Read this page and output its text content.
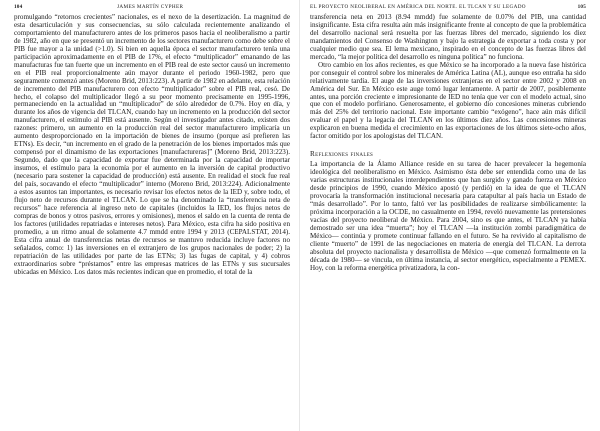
104	JAMES MARTÍN CYPHER

promulgando “retornos crecientes” nacionales, es el nexo de la desertización. La magnitud de esta desarticulación y sus consecuencias, su sólo calculada recientemente analizando el comportamiento del manufacturero antes de los primeros pasos hacia el neoliberalismo a partir de 1982, año en que se presentó un incremento de los sectores manufacturero como debe sobre el PIB fue mayor a la unidad (>1.0). Si bien en aquella época el sector manufacturero tenía una participación aproximadamente en el PIB de 17%, el efecto “multiplicador” emanando de las manufacturas fue tan fuerte que un incremento en el PIB real de este sector causó un incremento en el PIB real proporcionalmente aún mayor durante el periodo 1960-1982, pero que seguramente comenzó antes (Moreno Brid, 2013:223). A partir de 1982 en adelante, esta relación de incremento del PIB manufacturero con efecto “multiplicador” sobre el PIB real, cesó. De hecho, el colapso del multiplicador llegó a su peor momento precisamente en 1995-1996, permaneciendo en la actualidad un “multiplicador” de sólo alrededor de 0.7%. Hoy en día, y durante los años de vigencia del TLCAN, cuando hay un incremento en la producción del sector manufacturero, el estímulo al PIB está ausente. Según el investigador antes citado, existen dos razones: primero, un aumento en la producción real del sector manufacturero implicaría un aumento desproporcionado en la importación de bienes de insumo (porque así prefieren las ETNs). Es decir, “un incremento en el grado de la penetración de los bienes importados más que compensó por el dinamismo de las exportaciones [manufactureras]” (Moreno Brid, 2013:223). Segundo, dado que la capacidad de exportar fue determinada por la capacidad de importar insumos, el estímulo para la economía por el aumento en la inversión de capital productivo (necesario para sostener la capacidad de producción) está ausente. En realidad el stock fue real del país, socavando el efecto “multiplicador” interno (Moreno Brid, 2013:224). Adicionalmente a estos asuntos tan importantes, es necesario revisar los efectos netos de la IED y, sobre todo, el flujo neto de recursos durante el TLCAN. Lo que se ha denominado la “transferencia neta de recursos” hace referencia al ingreso neto de capitales (incluidos la IED, los flujos netos de compras de bonos y otros pasivos, errores y omisiones), menos el saldo en la cuenta de renta de los factores (utilidades repatriadas e intereses netos). Para México, esta cifra ha sido positiva en promedio, a un ritmo anual de solamente 4.7 mmdd entre 1994 y 2013 (CEPALSTAT, 2014). Esta cifra anual de transferencias netas de recursos se mantuvo reducida incluye factores no señalados, como: 1) las inversiones en el extranjero de los grupos nacionales de poder; 2) la repatriación de las utilidades por parte de las ETNs; 3) las fugas de capital, y 4) cobros extraordinarios sobre “préstamos” entre las empresas matrices de las ETNs y sus sucursales ubicadas en México. Los datos más recientes indican que en promedio, el total de la

EL PROYECTO NEOLIBERAL EN AMÉRICA DEL NORTE. EL TLCAN Y SU LEGADO	105

transferencia neta en 2013 (8.94 mmdd) fue solamente de 0.07% del PIB, una cantidad insignificante. Esta cifra resulta aún más insignificante frente al concepto de que la problemática del desarrollo nacional será resuelta por las fuerzas libres del mercado, siguiendo los diez mandamientos del Consenso de Washington y bajo la estrategia de exportar a toda costa y por cualquier medio que sea. El lema mexicano, inspirado en el concepto de las fuerzas libres del mercado, “la mejor política del desarrollo es ninguna política” no funciona.

Otro cambio en los años recientes, es que México se ha incorporado a la nueva fase histórica por conseguir el control sobre los minerales de América Latina (AL), aunque eso entraña ha sido relativamente tardía. El auge de las inversiones extranjeras en el sector entre 2002 y 2008 en América del Sur. En México este auge tomó lugar lentamente. A partir de 2007, posiblemente antes, una porción creciente e impresionante de IED no tenía que ver con el modelo actual, sino que con el modelo porfiriano. Generosamente, el gobierno dio concesiones mineras cubriendo más del 25% del territorio nacional. Este importante cambio “exógeno”, hace aún más difícil evaluar el papel y la legacía del TLCAN en los últimos diez años. Las concesiones mineras explicaron en buena medida el crecimiento en las exportaciones de los últimos siete-ocho años, factor omitido por los apologistas del TLCAN.

Reflexiones finales

La importancia de la Álamo Alliance reside en su tarea de hacer prevalecer la hegemonía ideológica del neoliberalismo en México. Asimismo ésta debe ser entendida como una de las varias estructuras institucionales interdependientes que han surgido y ganado fuerza en México desde principios de 1990, cuando México apostó (y perdió) en la idea de que el TLCAN provocaría la transformación institucional necesaria para catapultar al país hacia un Estado de “más desarrollado”. Por lo tanto, faltó ver las posibilidades de realizarse simbólicamente: la próxima incorporación a la OCDE, no casualmente en 1994, reveló nuevamente las pretensiones vacías del proyecto neoliberal de México. Para 2004, sino es que antes, el TLCAN ya había demostrado ser una idea “muerta”; hoy el TLCAN —la institución zombi paradigmática de México— continúa y promete continuar fallando en el futuro. Se ha revivido al capitalismo de cliente “muerto” de 1991 de las negociaciones en materia de energía del TLCAN. La derrota absoluta del proyecto nacionalista y desarrollista de México —que comenzó formalmente en la década de 1980— se vincula, en última instancia, al sector energético, especialmente a PEMEX. Hoy, con la reforma energética privatizadora, la con-
